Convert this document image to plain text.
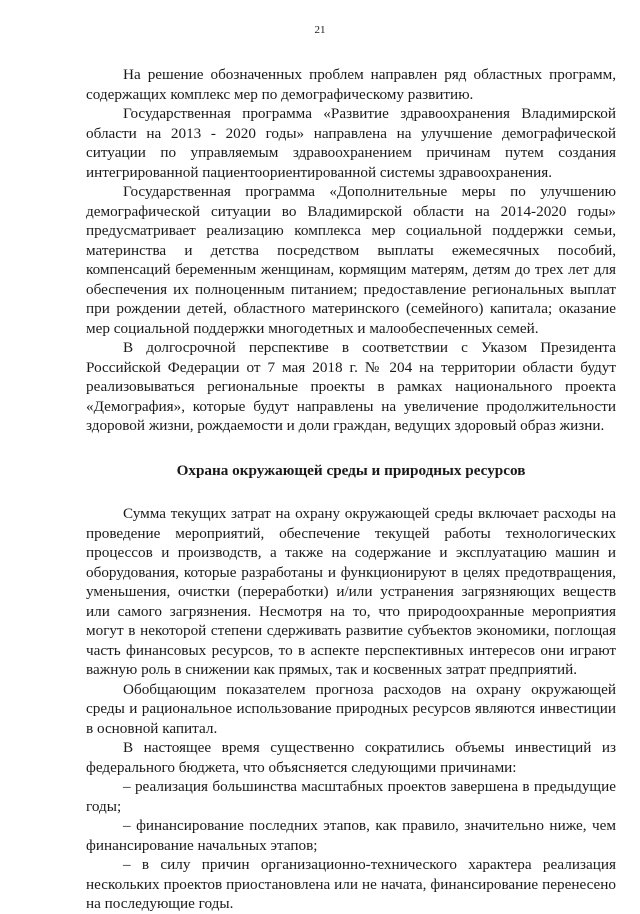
21

На решение обозначенных проблем направлен ряд областных программ, содержащих комплекс мер по демографическому развитию.

Государственная программа «Развитие здравоохранения Владимирской области на 2013 - 2020 годы» направлена на улучшение демографической ситуации по управляемым здравоохранением причинам путем создания интегрированной пациентоориентированной системы здравоохранения.

Государственная программа «Дополнительные меры по улучшению демографической ситуации во Владимирской области на 2014-2020 годы» предусматривает реализацию комплекса мер социальной поддержки семьи, материнства и детства посредством выплаты ежемесячных пособий, компенсаций беременным женщинам, кормящим матерям, детям до трех лет для обеспечения их полноценным питанием; предоставление региональных выплат при рождении детей, областного материнского (семейного) капитала; оказание мер социальной поддержки многодетных и малообеспеченных семей.

В долгосрочной перспективе в соответствии с Указом Президента Российской Федерации от 7 мая 2018 г. № 204 на территории области будут реализовываться региональные проекты в рамках национального проекта «Демография», которые будут направлены на увеличение продолжительности здоровой жизни, рождаемости и доли граждан, ведущих здоровый образ жизни.

Охрана окружающей среды и природных ресурсов

Сумма текущих затрат на охрану окружающей среды включает расходы на проведение мероприятий, обеспечение текущей работы технологических процессов и производств, а также на содержание и эксплуатацию машин и оборудования, которые разработаны и функционируют в целях предотвращения, уменьшения, очистки (переработки) и/или устранения загрязняющих веществ или самого загрязнения. Несмотря на то, что природоохранные мероприятия могут в некоторой степени сдерживать развитие субъектов экономики, поглощая часть финансовых ресурсов, то в аспекте перспективных интересов они играют важную роль в снижении как прямых, так и косвенных затрат предприятий.

Обобщающим показателем прогноза расходов на охрану окружающей среды и рациональное использование природных ресурсов являются инвестиции в основной капитал.

В настоящее время существенно сократились объемы инвестиций из федерального бюджета, что объясняется следующими причинами:

– реализация большинства масштабных проектов завершена в предыдущие годы;

– финансирование последних этапов, как правило, значительно ниже, чем финансирование начальных этапов;

– в силу причин организационно-технического характера реализация нескольких проектов приостановлена или не начата, финансирование перенесено на последующие годы.
